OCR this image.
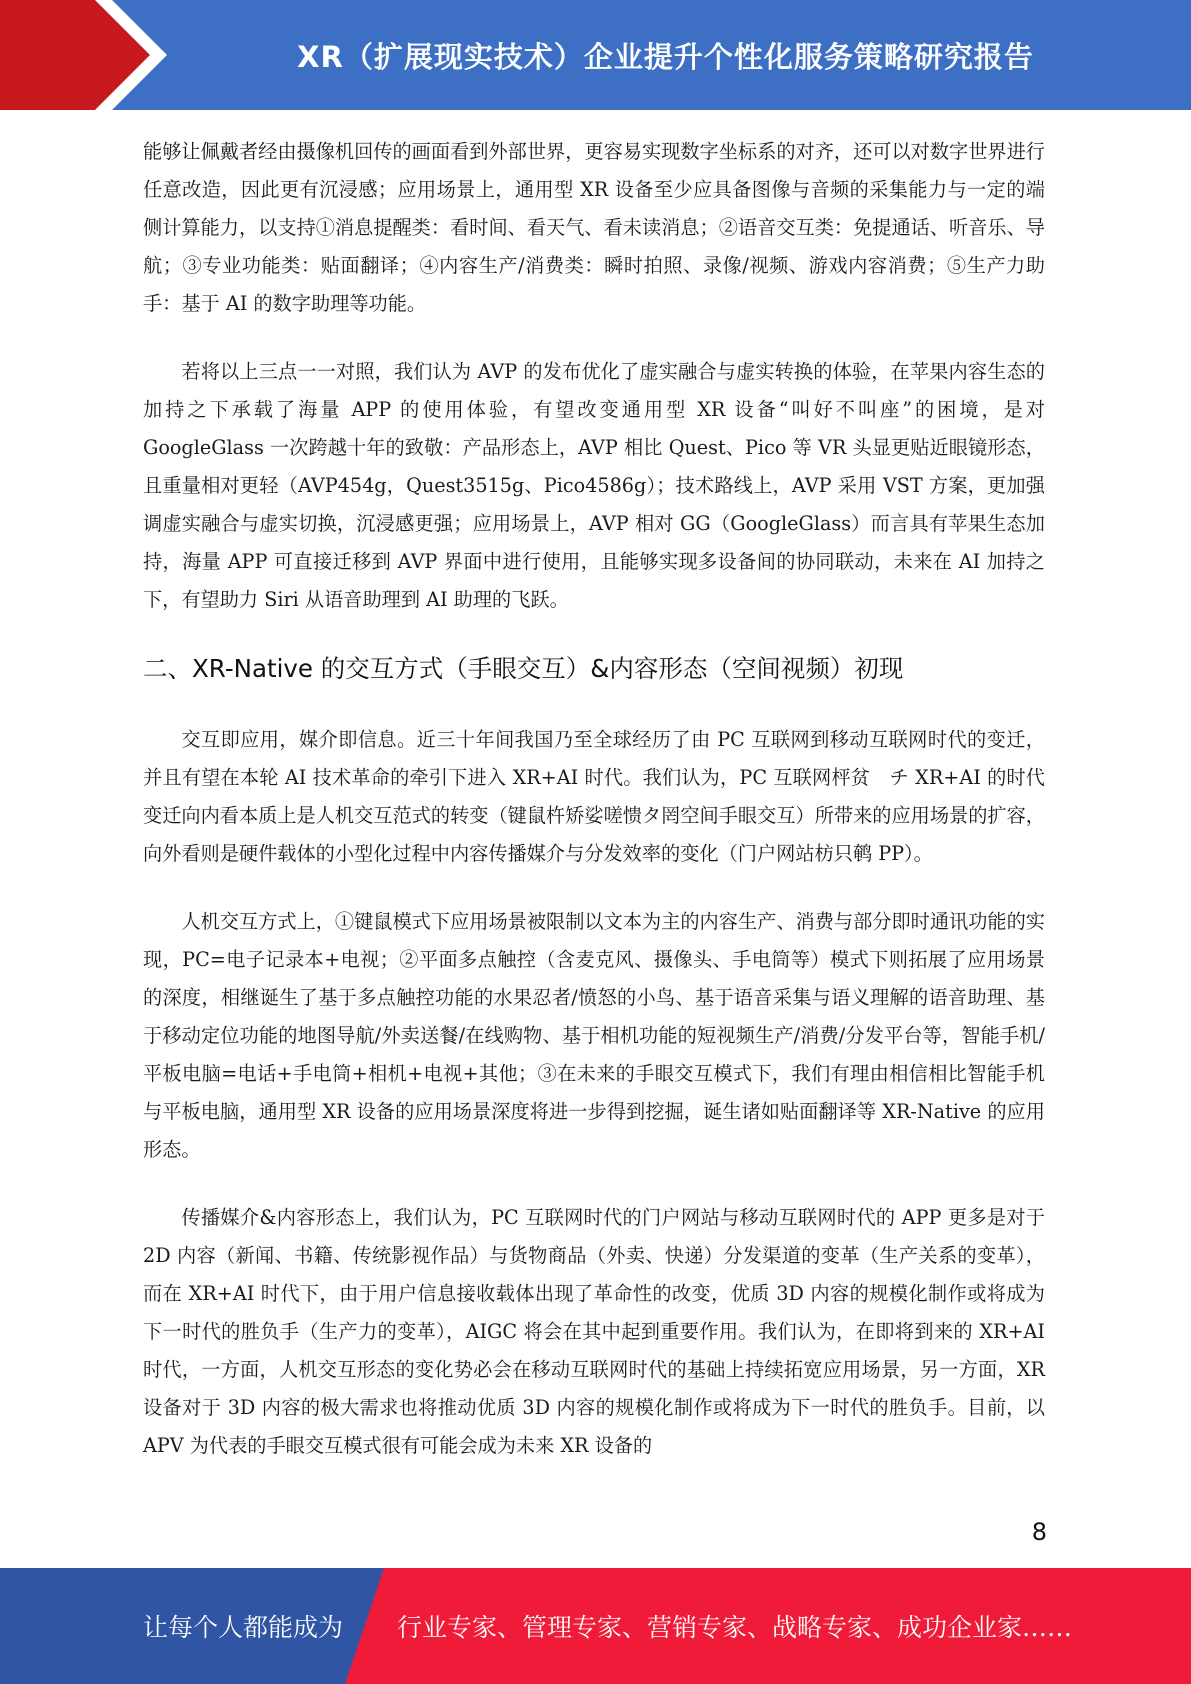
XR（扩展现实技术）企业提升个性化服务策略研究报告

能够让佩戴者经由摄像机回传的画面看到外部世界，更容易实现数字坐标系的对齐，还可以对数字世界进行任意改造，因此更有沉浸感；应用场景上，通用型 XR 设备至少应具备图像与音频的采集能力与一定的端侧计算能力，以支持①消息提醒类：看时间、看天气、看未读消息；②语音交互类：免提通话、听音乐、导航；③专业功能类：贴面翻译；④内容生产/消费类：瞬时拍照、录像/视频、游戏内容消费；⑤生产力助手：基于 AI 的数字助理等功能。

若将以上三点一一对照，我们认为 AVP 的发布优化了虚实融合与虚实转换的体验，在苹果内容生态的加持之下承载了海量 APP 的使用体验，有望改变通用型 XR 设备“叫好不叫座”的困境，是对 GoogleGlass 一次跨越十年的致敬：产品形态上，AVP 相比 Quest、Pico 等 VR 头显更贴近眼镜形态，且重量相对更轻（AVP454g，Quest3515g、Pico4586g）；技术路线上，AVP 采用 VST 方案，更加强调虚实融合与虚实切换，沉浸感更强；应用场景上，AVP 相对 GG（GoogleGlass）而言具有苹果生态加持，海量 APP 可直接迁移到 AVP 界面中进行使用，且能够实现多设备间的协同联动，未来在 AI 加持之下，有望助力 Siri 从语音助理到 AI 助理的飞跃。

二、XR-Native 的交互方式（手眼交互）&内容形态（空间视频）初现

交互即应用，媒介即信息。近三十年间我国乃至全球经历了由 PC 互联网到移动互联网时代的变迁，并且有望在本轮 AI 技术革命的牵引下进入 XR+AI 时代。我们认为，PC 互联网枰贫　チ XR+AI 的时代变迁向内看本质上是人机交互范式的转变（键鼠杵矫娑嗟愦タ罔空间手眼交互）所带来的应用场景的扩容，向外看则是硬件载体的小型化过程中内容传播媒介与分发效率的变化（门户网站枋只鹌 PP）。

人机交互方式上，①键鼠模式下应用场景被限制以文本为主的内容生产、消费与部分即时通讯功能的实现，PC=电子记录本+电视；②平面多点触控（含麦克风、摄像头、手电筒等）模式下则拓展了应用场景的深度，相继诞生了基于多点触控功能的水果忍者/愤怒的小鸟、基于语音采集与语义理解的语音助理、基于移动定位功能的地图导航/外卖送餐/在线购物、基于相机功能的短视频生产/消费/分发平台等，智能手机/平板电脑=电话+手电筒+相机+电视+其他；③在未来的手眼交互模式下，我们有理由相信相比智能手机与平板电脑，通用型 XR 设备的应用场景深度将进一步得到挖掘，诞生诸如贴面翻译等 XR-Native 的应用形态。

传播媒介&内容形态上，我们认为，PC 互联网时代的门户网站与移动互联网时代的 APP 更多是对于 2D 内容（新闻、书籍、传统影视作品）与货物商品（外卖、快递）分发渠道的变革（生产关系的变革），而在 XR+AI 时代下，由于用户信息接收载体出现了革命性的改变，优质 3D 内容的规模化制作或将成为下一时代的胜负手（生产力的变革），AIGC 将会在其中起到重要作用。我们认为，在即将到来的 XR+AI 时代，一方面，人机交互形态的变化势必会在移动互联网时代的基础上持续拓宽应用场景，另一方面，XR 设备对于 3D 内容的极大需求也将推动优质 3D 内容的规模化制作或将成为下一时代的胜负手。目前，以 APV 为代表的手眼交互模式很有可能会成为未来 XR 设备的

8
让每个人都能成为 行业专家、管理专家、营销专家、战略专家、成功企业家……
